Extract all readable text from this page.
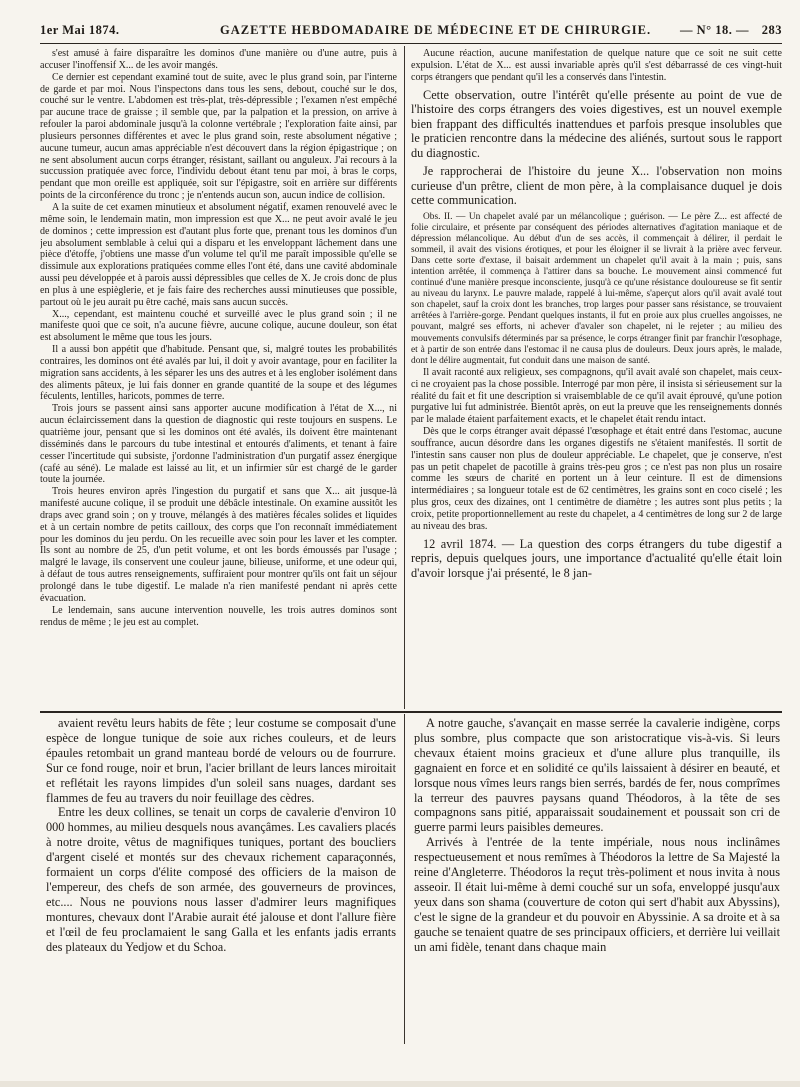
1er Mai 1874.	GAZETTE HEBDOMADAIRE DE MÉDECINE ET DE CHIRURGIE. — N° 18. — 283

s'est amusé à faire disparaître les dominos d'une manière ou d'une autre, puis à accuser l'inoffensif X... de les avoir mangés.

Ce dernier est cependant examiné tout de suite, avec le plus grand soin, par l'interne de garde et par moi. Nous l'inspectons dans tous les sens, debout, couché sur le dos, couché sur le ventre. L'abdomen est très-plat, très-dépressible ; l'examen n'est empêché par aucune trace de graisse ; il semble que, par la palpation et la pression, on arrive à refouler la paroi abdominale jusqu'à la colonne vertébrale ; l'exploration faite ainsi, par plusieurs personnes différentes et avec le plus grand soin, reste absolument négative ; aucune tumeur, aucun amas appréciable n'est découvert dans la région épigastrique ; on ne sent absolument aucun corps étranger, résistant, saillant ou anguleux. J'ai recours à la succussion pratiquée avec force, l'individu debout étant tenu par moi, à bras le corps, pendant que mon oreille est appliquée, soit sur l'épigastre, soit en arrière sur différents points de la circonférence du tronc ; je n'entends aucun son, aucun indice de collision.

A la suite de cet examen minutieux et absolument négatif, examen renouvelé avec le même soin, le lendemain matin, mon impression est que X... ne peut avoir avalé le jeu de dominos ; cette impression est d'autant plus forte que, prenant tous les dominos d'un jeu absolument semblable à celui qui a disparu et les enveloppant lâchement dans une pièce d'étoffe, j'obtiens une masse d'un volume tel qu'il me paraît impossible qu'elle se dissimule aux explorations pratiquées comme elles l'ont été, dans une cavité abdominale aussi peu développée et à parois aussi dépressibles que celles de X. Je crois donc de plus en plus à une espièglerie, et je fais faire des recherches aussi minutieuses que possible, partout où le jeu aurait pu être caché, mais sans aucun succès.

X..., cependant, est maintenu couché et surveillé avec le plus grand soin ; il ne manifeste quoi que ce soit, n'a aucune fièvre, aucune colique, aucune douleur, son état est absolument le même que tous les jours.

Il a aussi bon appétit que d'habitude. Pensant que, si, malgré toutes les probabilités contraires, les dominos ont été avalés par lui, il doit y avoir avantage, pour en faciliter la migration sans accidents, à les séparer les uns des autres et à les englober isolément dans des aliments pâteux, je lui fais donner en grande quantité de la soupe et des légumes féculents, lentilles, haricots, pommes de terre.

Trois jours se passent ainsi sans apporter aucune modification à l'état de X..., ni aucun éclaircissement dans la question de diagnostic qui reste toujours en suspens. Le quatrième jour, pensant que si les dominos ont été avalés, ils doivent être maintenant disséminés dans le parcours du tube intestinal et entourés d'aliments, et tenant à faire cesser l'incertitude qui subsiste, j'ordonne l'administration d'un purgatif assez énergique (café au séné). Le malade est laissé au lit, et un infirmier sûr est chargé de le garder toute la journée.

Trois heures environ après l'ingestion du purgatif et sans que X... ait jusque-là manifesté aucune colique, il se produit une débâcle intestinale. On examine aussitôt les draps avec grand soin ; on y trouve, mélangés à des matières fécales solides et liquides et à un certain nombre de petits cailloux, des corps que l'on reconnaît immédiatement pour les dominos du jeu perdu. On les recueille avec soin pour les laver et les compter. Ils sont au nombre de 25, d'un petit volume, et ont les bords émoussés par l'usage ; malgré le lavage, ils conservent une couleur jaune, bilieuse, uniforme, et une odeur qui, à défaut de tous autres renseignements, suffiraient pour montrer qu'ils ont fait un séjour prolongé dans le tube digestif. Le malade n'a rien manifesté pendant ni après cette évacuation.

Le lendemain, sans aucune intervention nouvelle, les trois autres dominos sont rendus de même ; le jeu est au complet.

Aucune réaction, aucune manifestation de quelque nature que ce soit ne suit cette expulsion. L'état de X... est aussi invariable après qu'il s'est débarrassé de ces vingt-huit corps étrangers que pendant qu'il les a conservés dans l'intestin.

Cette observation, outre l'intérêt qu'elle présente au point de vue de l'histoire des corps étrangers des voies digestives, est un nouvel exemple bien frappant des difficultés inattendues et parfois presque insolubles que le praticien rencontre dans la médecine des aliénés, surtout sous le rapport du diagnostic.

Je rapprocherai de l'histoire du jeune X... l'observation non moins curieuse d'un prêtre, client de mon père, à la complaisance duquel je dois cette communication.

Obs. II. — Un chapelet avalé par un mélancolique ; guérison. — Le père Z... est affecté de folie circulaire, et présente par conséquent des périodes alternatives d'agitation maniaque et de dépression mélancolique. Au début d'un de ses accès, il commençait à délirer, il perdait le sommeil, il avait des visions érotiques, et pour les éloigner il se livrait à la prière avec ferveur. Dans cette sorte d'extase, il baisait ardemment un chapelet qu'il avait à la main ; puis, sans intention arrêtée, il commença à l'attirer dans sa bouche. Le mouvement ainsi commencé fut continué d'une manière presque inconsciente, jusqu'à ce qu'une résistance douloureuse se fit sentir au niveau du larynx. Le pauvre malade, rappelé à lui-même, s'aperçut alors qu'il avait avalé tout son chapelet, sauf la croix dont les branches, trop larges pour passer sans résistance, se trouvaient arrêtées à l'arrière-gorge. Pendant quelques instants, il fut en proie aux plus cruelles angoisses, ne pouvant, malgré ses efforts, ni achever d'avaler son chapelet, ni le rejeter ; au milieu des mouvements convulsifs déterminés par sa présence, le corps étranger finit par franchir l'œsophage, et à partir de son entrée dans l'estomac il ne causa plus de douleurs. Deux jours après, le malade, dont le délire augmentait, fut conduit dans une maison de santé.

Il avait raconté aux religieux, ses compagnons, qu'il avait avalé son chapelet, mais ceux-ci ne croyaient pas la chose possible. Interrogé par mon père, il insista si sérieusement sur la réalité du fait et fit une description si vraisemblable de ce qu'il avait éprouvé, qu'une potion purgative lui fut administrée. Bientôt après, on eut la preuve que les renseignements donnés par le malade étaient parfaitement exacts, et le chapelet était rendu intact.

Dès que le corps étranger avait dépassé l'œsophage et était entré dans l'estomac, aucune souffrance, aucun désordre dans les organes digestifs ne s'étaient manifestés. Il sortit de l'intestin sans causer non plus de douleur appréciable. Le chapelet, que je conserve, n'est pas un petit chapelet de pacotille à grains très-peu gros ; ce n'est pas non plus un rosaire comme les sœurs de charité en portent un à leur ceinture. Il est de dimensions intermédiaires ; sa longueur totale est de 62 centimètres, les grains sont en coco ciselé ; les plus gros, ceux des dizaines, ont 1 centimètre de diamètre ; les autres sont plus petits ; la croix, petite proportionnellement au reste du chapelet, a 4 centimètres de long sur 2 de large au niveau des bras.

12 avril 1874. — La question des corps étrangers du tube digestif a repris, depuis quelques jours, une importance d'actualité qu'elle était loin d'avoir lorsque j'ai présenté, le 8 jan-

avaient revêtu leurs habits de fête ; leur costume se composait d'une espèce de longue tunique de soie aux riches couleurs, et de leurs épaules retombait un grand manteau bordé de velours ou de fourrure. Sur ce fond rouge, noir et brun, l'acier brillant de leurs lances miroitait et reflétait les rayons limpides d'un soleil sans nuages, dardant ses flammes de feu au travers du noir feuillage des cèdres.

Entre les deux collines, se tenait un corps de cavalerie d'environ 10 000 hommes, au milieu desquels nous avançâmes. Les cavaliers placés à notre droite, vêtus de magnifiques tuniques, portant des boucliers d'argent ciselé et montés sur des chevaux richement caparaçonnés, formaient un corps d'élite composé des officiers de la maison de l'empereur, des chefs de son armée, des gouverneurs de provinces, etc.... Nous ne pouvions nous lasser d'admirer leurs magnifiques montures, chevaux dont l'Arabie aurait été jalouse et dont l'allure fière et l'œil de feu proclamaient le sang Galla et les enfants jadis errants des plateaux du Yedjow et du Schoa.

A notre gauche, s'avançait en masse serrée la cavalerie indigène, corps plus sombre, plus compacte que son aristocratique vis-à-vis. Si leurs chevaux étaient moins gracieux et d'une allure plus tranquille, ils gagnaient en force et en solidité ce qu'ils laissaient à désirer en beauté, et lorsque nous vîmes leurs rangs bien serrés, bardés de fer, nous comprîmes la terreur des pauvres paysans quand Théodoros, à la tête de ses compagnons sans pitié, apparaissait soudainement et poussait son cri de guerre parmi leurs paisibles demeures.

Arrivés à l'entrée de la tente impériale, nous nous inclinâmes respectueusement et nous remîmes à Théodoros la lettre de Sa Majesté la reine d'Angleterre. Théodoros la reçut très-poliment et nous invita à nous asseoir. Il était lui-même à demi couché sur un sofa, enveloppé jusqu'aux yeux dans son shama (couverture de coton qui sert d'habit aux Abyssins), c'est le signe de la grandeur et du pouvoir en Abyssinie. A sa droite et à sa gauche se tenaient quatre de ses principaux officiers, et derrière lui veillait un ami fidèle, tenant dans chaque main
